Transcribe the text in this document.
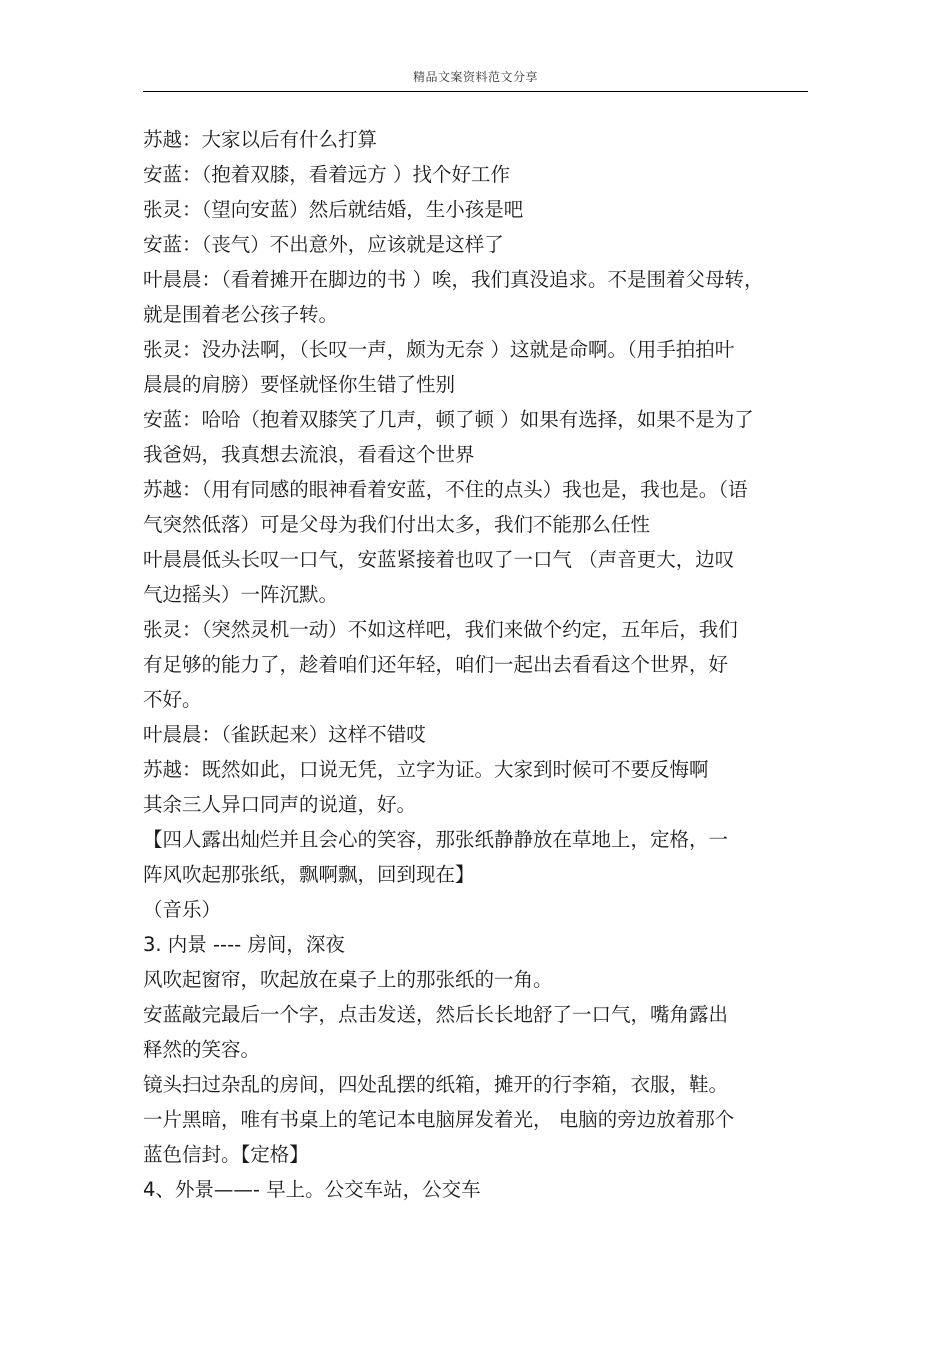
精品文案资料范文分享
苏越：大家以后有什么打算
安蓝：（抱着双膝，看着远方 ）找个好工作
张灵：（望向安蓝）然后就结婚，生小孩是吧
安蓝：（丧气）不出意外，应该就是这样了
叶晨晨：（看着摊开在脚边的书 ）唉，我们真没追求。不是围着父母转，
就是围着老公孩子转。
张灵：没办法啊，（长叹一声，颇为无奈 ）这就是命啊。（用手拍拍叶
晨晨的肩膀）要怪就怪你生错了性别
安蓝：哈哈（抱着双膝笑了几声，顿了顿 ）如果有选择，如果不是为了
我爸妈，我真想去流浪，看看这个世界
苏越：（用有同感的眼神看着安蓝，不住的点头）我也是，我也是。（语
气突然低落）可是父母为我们付出太多，我们不能那么任性
叶晨晨低头长叹一口气，安蓝紧接着也叹了一口气 （声音更大，边叹
气边摇头）一阵沉默。
张灵：（突然灵机一动）不如这样吧，我们来做个约定，五年后，我们
有足够的能力了，趁着咱们还年轻，咱们一起出去看看这个世界，好
不好。
叶晨晨：（雀跃起来）这样不错哎
苏越：既然如此，口说无凭，立字为证。大家到时候可不要反悔啊
其余三人异口同声的说道，好。
【四人露出灿烂并且会心的笑容，那张纸静静放在草地上，定格，一
阵风吹起那张纸，飘啊飘，回到现在】
（音乐）
3. 内景 ---- 房间，深夜
风吹起窗帘，吹起放在桌子上的那张纸的一角。
安蓝敲完最后一个字，点击发送，然后长长地舒了一口气，嘴角露出
释然的笑容。
镜头扫过杂乱的房间，四处乱摆的纸箱，摊开的行李箱，衣服，鞋。
一片黑暗，唯有书桌上的笔记本电脑屏发着光， 电脑的旁边放着那个
蓝色信封。【定格】
4、外景——- 早上。公交车站，公交车
